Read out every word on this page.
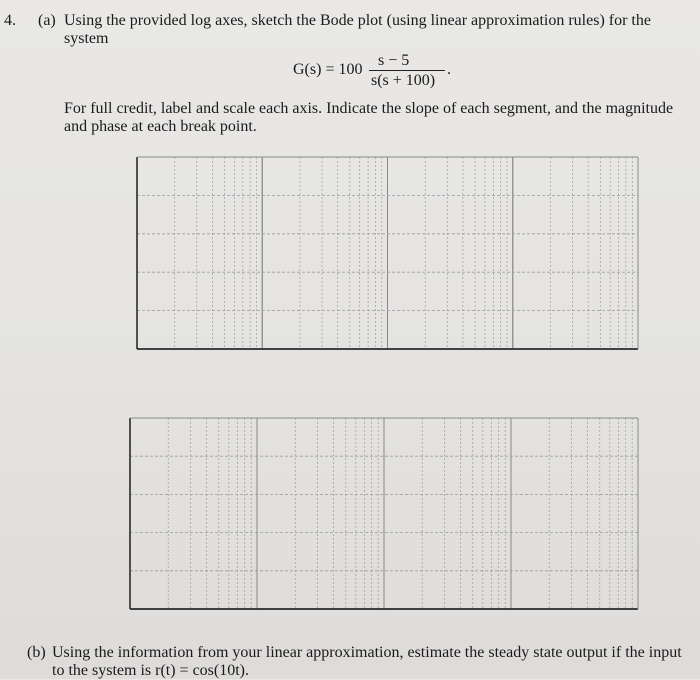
4. (a) Using the provided log axes, sketch the Bode plot (using linear approximation rules) for the
system
G(s) = 100
s − 5
s(s + 100)
.
For full credit, label and scale each axis. Indicate the slope of each segment, and the magnitude
and phase at each break point.
(b) Using the information from your linear approximation, estimate the steady state output if the input
to the system is r(t) = cos(10t).
